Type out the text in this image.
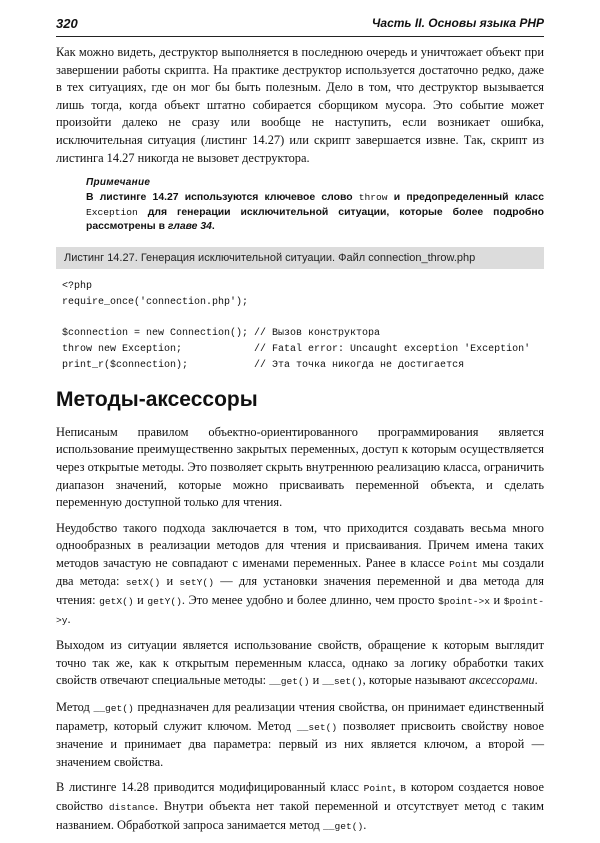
320	Часть II. Основы языка PHP

Как можно видеть, деструктор выполняется в последнюю очередь и уничтожает объект при завершении работы скрипта. На практике деструктор используется достаточно редко, даже в тех ситуациях, где он мог бы быть полезным. Дело в том, что деструктор вызывается лишь тогда, когда объект штатно собирается сборщиком мусора. Это событие может произойти далеко не сразу или вообще не наступить, если возникает ошибка, исключительная ситуация (листинг 14.27) или скрипт завершается извне. Так, скрипт из листинга 14.27 никогда не вызовет деструктора.

Примечание

В листинге 14.27 используются ключевое слово throw и предопределенный класс Exception для генерации исключительной ситуации, которые более подробно рассмотрены в главе 34.

Листинг 14.27. Генерация исключительной ситуации. Файл connection_throw.php
<?php
require_once('connection.php');
$connection = new Connection(); // Вызов конструктора
throw new Exception;            // Fatal error: Uncaught exception 'Exception'
print_r($connection);           // Эта точка никогда не достигается
Методы-аксессоры

Неписаным правилом объектно-ориентированного программирования является использование преимущественно закрытых переменных, доступ к которым осуществляется через открытые методы. Это позволяет скрыть внутреннюю реализацию класса, ограничить диапазон значений, которые можно присваивать переменной объекта, и сделать переменную доступной только для чтения.

Неудобство такого подхода заключается в том, что приходится создавать весьма много однообразных в реализации методов для чтения и присваивания. Причем имена таких методов зачастую не совпадают с именами переменных. Ранее в классе Point мы создали два метода: setX() и setY() — для установки значения переменной и два метода для чтения: getX() и getY(). Это менее удобно и более длинно, чем просто $point->x и $point->y.

Выходом из ситуации является использование свойств, обращение к которым выглядит точно так же, как к открытым переменным класса, однако за логику обработки таких свойств отвечают специальные методы: __get() и __set(), которые называют аксессорами.

Метод __get() предназначен для реализации чтения свойства, он принимает единственный параметр, который служит ключом. Метод __set() позволяет присвоить свойству новое значение и принимает два параметра: первый из них является ключом, а второй — значением свойства.

В листинге 14.28 приводится модифицированный класс Point, в котором создается новое свойство distance. Внутри объекта нет такой переменной и отсутствует метод с таким названием. Обработкой запроса занимается метод __get().
